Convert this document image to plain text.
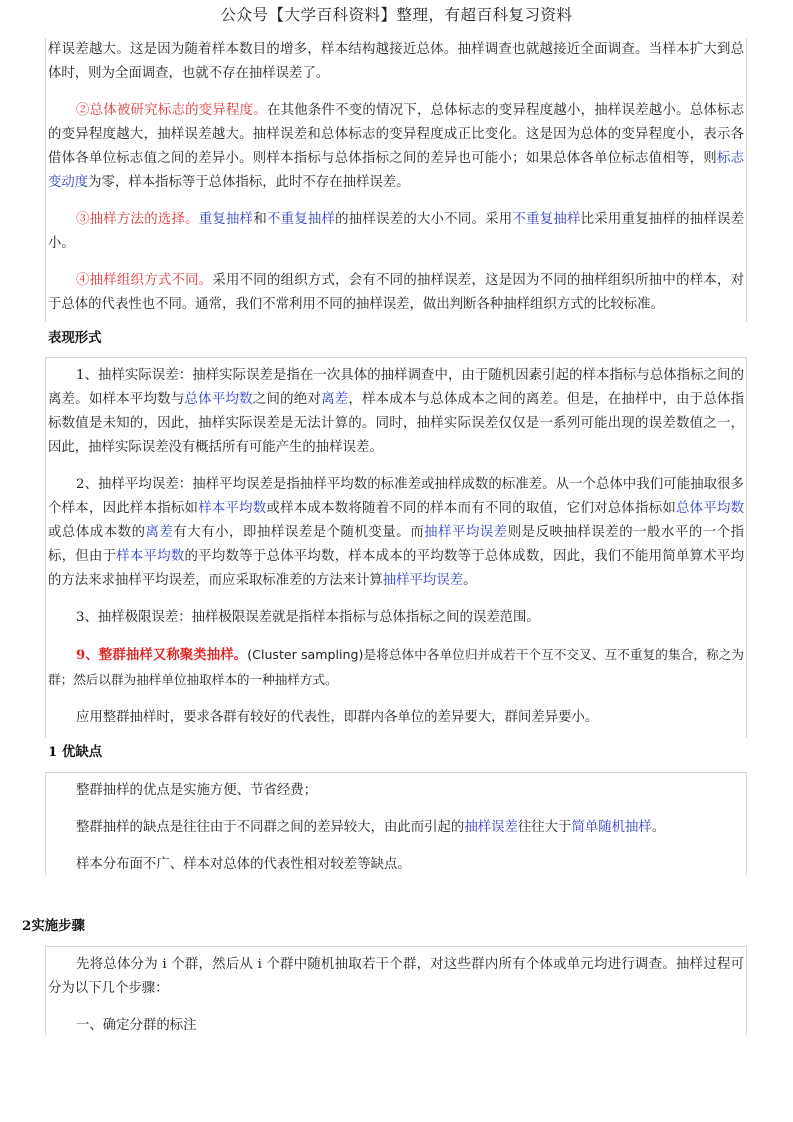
公众号【大学百科资料】整理，有超百科复习资料

样误差越大。这是因为随着样本数目的增多，样本结构越接近总体。抽样调查也就越接近全面调查。当样本扩大到总体时，则为全面调查，也就不存在抽样误差了。

②总体被研究标志的变异程度。在其他条件不变的情况下，总体标志的变异程度越小，抽样误差越小。总体标志的变异程度越大，抽样误差越大。抽样误差和总体标志的变异程度成正比变化。这是因为总体的变异程度小，表示各借体各单位标志值之间的差异小。则样本指标与总体指标之间的差异也可能小；如果总体各单位标志值相等，则标志变动度为零，样本指标等于总体指标，此时不存在抽样误差。

③抽样方法的选择。重复抽样和不重复抽样的抽样误差的大小不同。采用不重复抽样比采用重复抽样的抽样误差小。

④抽样组织方式不同。采用不同的组织方式，会有不同的抽样误差，这是因为不同的抽样组织所抽中的样本，对于总体的代表性也不同。通常，我们不常利用不同的抽样误差，做出判断各种抽样组织方式的比较标准。

表现形式

1、抽样实际误差：抽样实际误差是指在一次具体的抽样调查中，由于随机因素引起的样本指标与总体指标之间的离差。如样本平均数与总体平均数之间的绝对离差，样本成本与总体成本之间的离差。但是，在抽样中，由于总体指标数值是未知的，因此，抽样实际误差是无法计算的。同时，抽样实际误差仅仅是一系列可能出现的误差数值之一，因此，抽样实际误差没有概括所有可能产生的抽样误差。

2、抽样平均误差：抽样平均误差是指抽样平均数的标准差或抽样成数的标准差。从一个总体中我们可能抽取很多个样本，因此样本指标如样本平均数或样本成本数将随着不同的样本而有不同的取值，它们对总体指标如总体平均数或总体成本数的离差有大有小，即抽样误差是个随机变量。而抽样平均误差则是反映抽样误差的一般水平的一个指标，但由于样本平均数的平均数等于总体平均数，样本成本的平均数等于总体成数，因此，我们不能用简单算术平均的方法来求抽样平均误差，而应采取标准差的方法来计算抽样平均误差。

3、抽样极限误差：抽样极限误差就是指样本指标与总体指标之间的误差范围。

9、整群抽样又称聚类抽样。(Cluster sampling)是将总体中各单位归并成若干个互不交叉、互不重复的集合，称之为群；然后以群为抽样单位抽取样本的一种抽样方式。

应用整群抽样时，要求各群有较好的代表性，即群内各单位的差异要大，群间差异要小。

1 优缺点

整群抽样的优点是实施方便、节省经费；

整群抽样的缺点是往往由于不同群之间的差异较大，由此而引起的抽样误差往往大于简单随机抽样。

样本分布面不广、样本对总体的代表性相对较差等缺点。

2实施步骤

先将总体分为 i 个群，然后从 i 个群中随机抽取若干个群，对这些群内所有个体或单元均进行调查。抽样过程可分为以下几个步骤：

一、确定分群的标注
